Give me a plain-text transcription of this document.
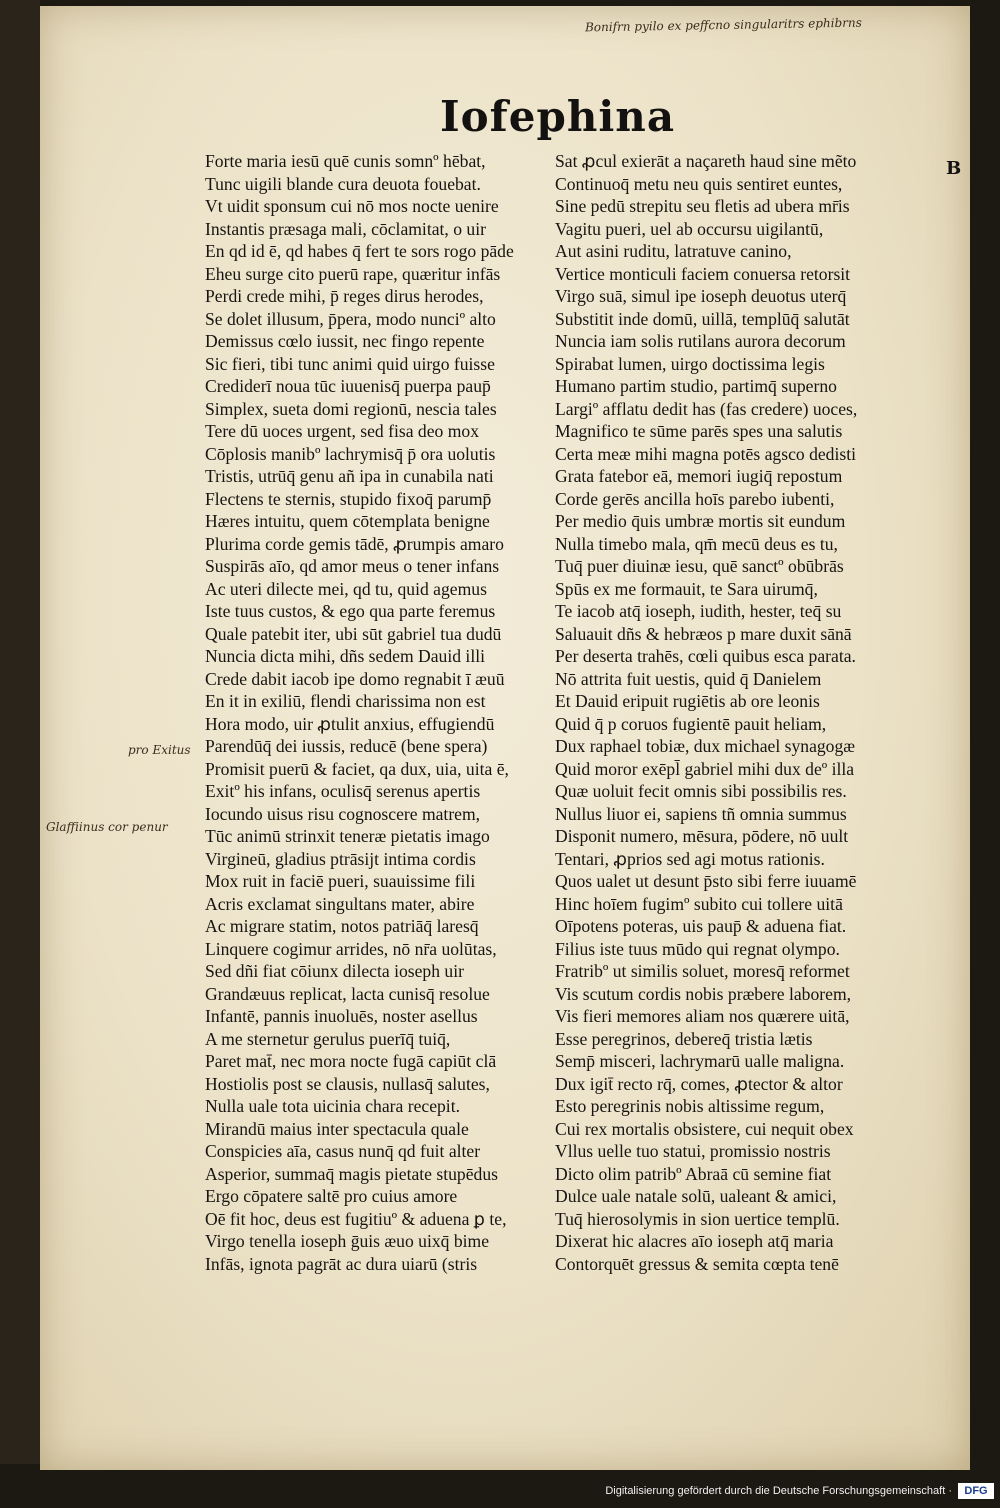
Bonifrn pyilo ex peffcno singularitrs ephibrns
Iofephina
B
pro Exitus
Glaffiinus cor penur
Forte maria iesū quē cunis somnº hēbat,
Tunc uigili blande cura deuota fouebat.
Vt uidit sponsum cui nō mos nocte uenire
Instantis præsaga mali, cōclamitat, o uir
En qd id ē, qd habes q̄ fert te sors rogo pāde
Eheu surge cito puerū rape, quæritur infās
Perdi crede mihi, p̄ reges dirus herodes,
Se dolet illusum, p̄pera, modo nunciº alto
Demissus cœlo iussit, nec fingo repente
Sic fieri, tibi tunc animi quid uirgo fuisse
Crediderī noua tūc iuuenisq̄ puerpa paup̄
Simplex, sueta domi regionū, nescia tales
Tere dū uoces urgent, sed fisa deo mox
Cōplosis manibº lachrymisq̄ p̄ ora uolutis
Tristis, utrūq̄ genu añ ipa in cunabila nati
Flectens te sternis, stupido fixoq̄ parump̄
Hæres intuitu, quem cōtemplata benigne
Plurima corde gemis tādē, ꝓrumpis amaro
Suspirās aīo, qd amor meus o tener infans
Ac uteri dilecte mei, qd tu, quid agemus
Iste tuus custos, & ego qua parte feremus
Quale patebit iter, ubi sūt gabriel tua dudū
Nuncia dicta mihi, dñs sedem Dauid illi
Crede dabit iacob ipe domo regnabit ī æuū
En it in exiliū, flendi charissima non est
Hora modo, uir ꝓtulit anxius, effugiendū
Parendūq̄ dei iussis, reducē (bene spera)
Promisit puerū & faciet, qa dux, uia, uita ē,
Exitº his infans, oculisq̄ serenus apertis
Iocundo uisus risu cognoscere matrem,
Tūc animū strinxit teneræ pietatis imago
Virgineū, gladius ptrāsijt intima cordis
Mox ruit in faciē pueri, suauissime fili
Acris exclamat singultans mater, abire
Ac migrare statim, notos patriāq̄ laresq̄
Linquere cogimur arrides, nō nr̄a uolūtas,
Sed dñi fiat cōiunx dilecta ioseph uir
Grandæuus replicat, lacta cunisq̄ resolue
Infantē, pannis inuoluēs, noster asellus
A me sternetur gerulus puerīq̄ tuiq̄,
Paret mat̄, nec mora nocte fugā capiūt clā
Hostiolis post se clausis, nullasq̄ salutes,
Nulla uale tota uicinia chara recepit.
Mirandū maius inter spectacula quale
Conspicies aīa, casus nunq̄ qd fuit alter
Asperior, summaq̄ magis pietate stupēdus
Ergo cōpatere saltē pro cuius amore
Oē fit hoc, deus est fugitiuº & aduena ꝑ te,
Virgo tenella ioseph ḡuis æuo uixq̄ bime
Infās, ignota pagrāt ac dura uiarū (stris
Sat ꝓcul exierāt a naçareth haud sine mẽto
Continuoq̄ metu neu quis sentiret euntes,
Sine pedū strepitu seu fletis ad ubera mr̄is
Vagitu pueri, uel ab occursu uigilantū,
Aut asini ruditu, latratuve canino,
Vertice monticuli faciem conuersa retorsit
Virgo suā, simul ipe ioseph deuotus uterq̄
Substitit inde domū, uillā, templūq̄ salutāt
Nuncia iam solis rutilans aurora decorum
Spirabat lumen, uirgo doctissima legis
Humano partim studio, partimq̄ superno
Largiº afflatu dedit has (fas credere) uoces,
Magnifico te sūme parēs spes una salutis
Certa meæ mihi magna potēs agsco dedisti
Grata fatebor eā, memori iugiq̄ repostum
Corde gerēs ancilla hoīs parebo iubenti,
Per medio q̄uis umbræ mortis sit eundum
Nulla timebo mala, qm̄ mecū deus es tu,
Tuq̄ puer diuinæ iesu, quē sanctº obūbrās
Spūs ex me formauit, te Sara uirumq̄,
Te iacob atq̄ ioseph, iudith, hester, teq̄ su
Saluauit dñs & hebræos p mare duxit sānā
Per deserta trahēs, cœli quibus esca parata.
Nō attrita fuit uestis, quid q̄ Danielem
Et Dauid eripuit rugiētis ab ore leonis
Quid q̄ p coruos fugientē pauit heliam,
Dux raphael tobiæ, dux michael synagogæ
Quid moror exēpl̄ gabriel mihi dux deº illa
Quæ uoluit fecit omnis sibi possibilis res.
Nullus liuor ei, sapiens tñ omnia summus
Disponit numero, mēsura, pōdere, nō uult
Tentari, ꝓprios sed agi motus rationis.
Quos ualet ut desunt p̄sto sibi ferre iuuamē
Hinc hoīem fugimº subito cui tollere uitā
Oīpotens poteras, uis paup̄ & aduena fiat.
Filius iste tuus mūdo qui regnat olympo.
Fratribº ut similis soluet, moresq̄ reformet
Vis scutum cordis nobis præbere laborem,
Vis fieri memores aliam nos quærere uitā,
Esse peregrinos, debereq̄ tristia lætis
Semp̄ misceri, lachrymarū ualle maligna.
Dux igit̄ recto rq̄, comes, ꝓtector & altor
Esto peregrinis nobis altissime regum,
Cui rex mortalis obsistere, cui nequit obex
Vllus uelle tuo statui, promissio nostris
Dicto olim patribº Abraā cū semine fiat
Dulce uale natale solū, ualeant & amici,
Tuq̄ hierosolymis in sion uertice templū.
Dixerat hic alacres aīo ioseph atq̄ maria
Contorquēt gressus & semita cœpta tenē
Digitalisierung gefördert durch die Deutsche Forschungsgemeinschaft ·	DFG
